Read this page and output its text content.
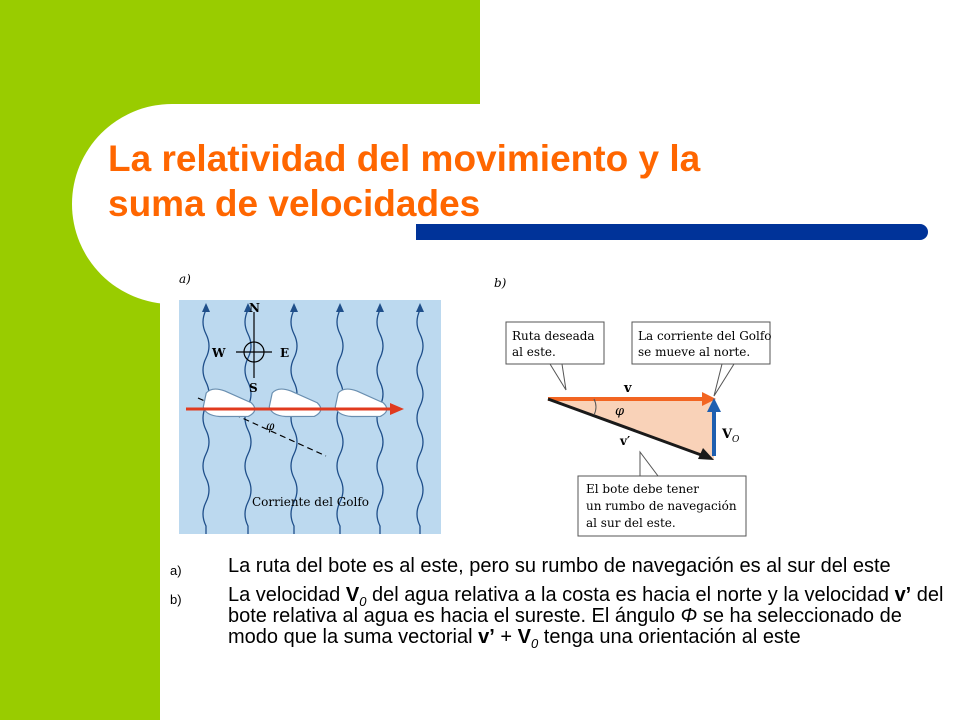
La relatividad del movimiento y la
suma de velocidades
a)
N
S
W	E
φ
Corriente del Golfo
b)
Ruta deseada
al este.
La corriente del Golfo
se mueve al norte.
v
φ
v′	V O
El bote debe tener
un rumbo de navegación
al sur del este.
a) La ruta del bote es al este, pero su rumbo de navegación es al sur del este
b) La velocidad $V_0$ del agua relativa a la costa es hacia el norte y la velocidad v’ del bote relativa al agua es hacia el sureste. El ángulo Φ se ha seleccionado de modo que la suma vectorial v’ + $V_0$ tenga una orientación al este
